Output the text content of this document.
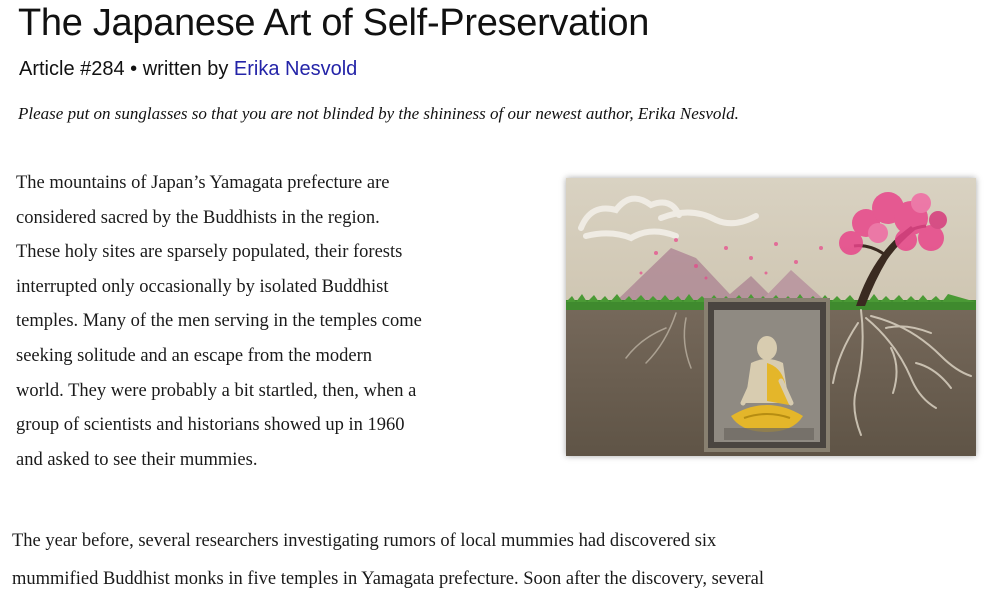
The Japanese Art of Self-Preservation
Article #284 • written by Erika Nesvold

Please put on sunglasses so that you are not blinded by the shininess of our newest author, Erika Nesvold.

The mountains of Japan’s Yamagata prefecture are
considered sacred by the Buddhists in the region.
These holy sites are sparsely populated, their forests
interrupted only occasionally by isolated Buddhist
temples. Many of the men serving in the temples come
seeking solitude and an escape from the modern
world. They were probably a bit startled, then, when a
group of scientists and historians showed up in 1960
and asked to see their mummies.

The year before, several researchers investigating rumors of local mummies had discovered six
mummified Buddhist monks in five temples in Yamagata prefecture. Soon after the discovery, several
